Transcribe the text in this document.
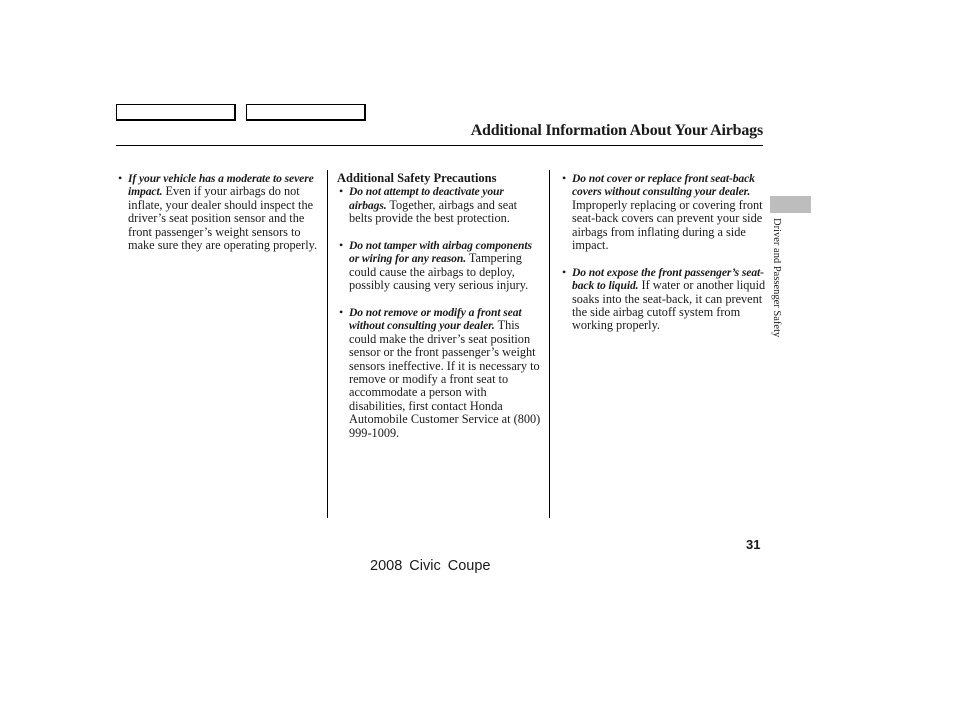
Additional Information About Your Airbags
• If your vehicle has a moderate to severe impact. Even if your airbags do not inflate, your dealer should inspect the driver’s seat position sensor and the front passenger’s weight sensors to make sure they are operating properly.
Additional Safety Precautions
• Do not attempt to deactivate your airbags. Together, airbags and seat belts provide the best protection.
• Do not tamper with airbag components or wiring for any reason. Tampering could cause the airbags to deploy, possibly causing very serious injury.
• Do not remove or modify a front seat without consulting your dealer. This could make the driver’s seat position sensor or the front passenger’s weight sensors ineffective. If it is necessary to remove or modify a front seat to accommodate a person with disabilities, first contact Honda Automobile Customer Service at (800) 999-1009.
• Do not cover or replace front seat-back covers without consulting your dealer. Improperly replacing or covering front seat-back covers can prevent your side airbags from inflating during a side impact.
• Do not expose the front passenger’s seat-back to liquid. If water or another liquid soaks into the seat-back, it can prevent the side airbag cutoff system from working properly.	Driver and Passenger Safety
31
2008 Civic Coupe
